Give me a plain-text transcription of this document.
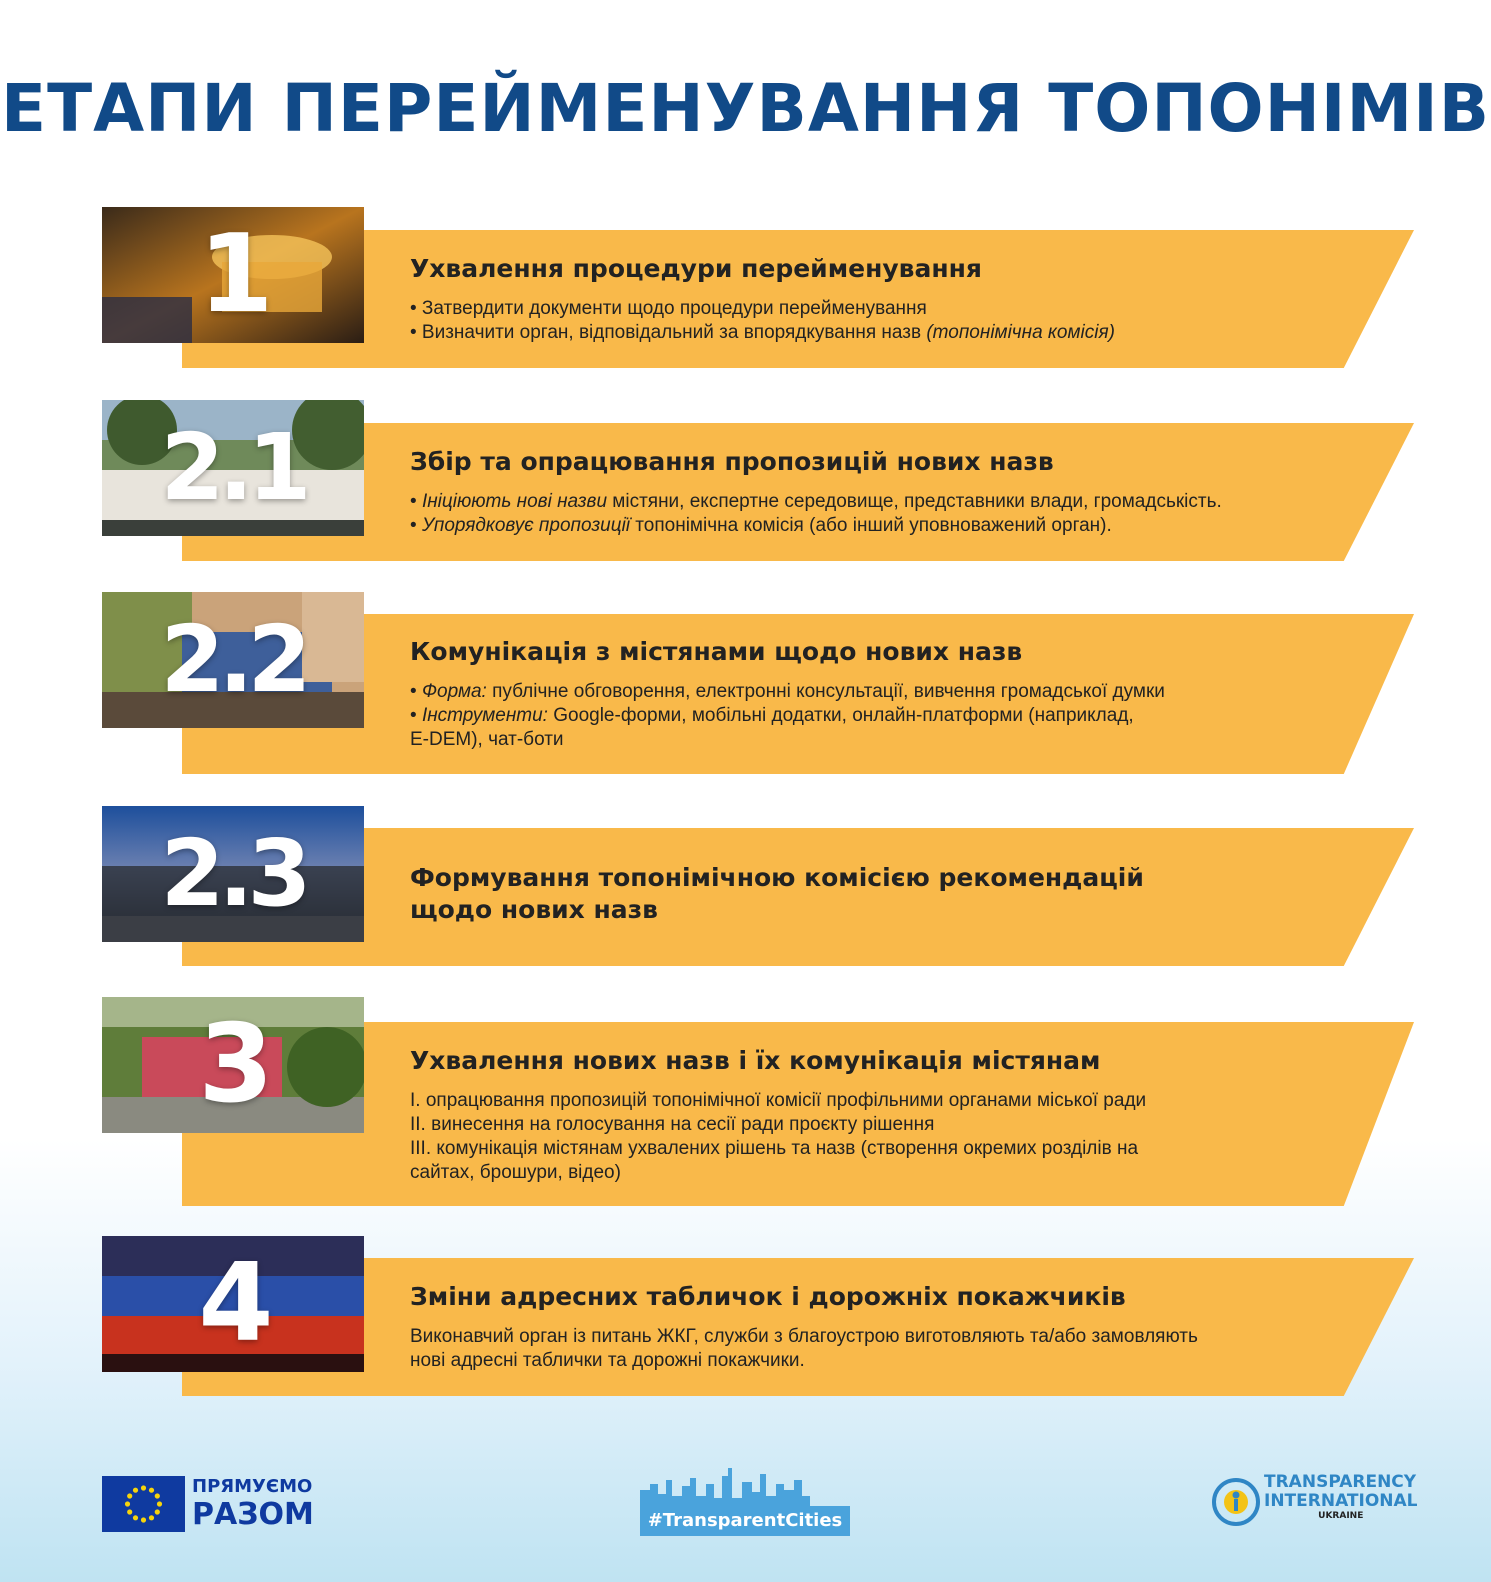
ЕТАПИ ПЕРЕЙМЕНУВАННЯ ТОПОНІМІВ
1	Ухвалення процедури перейменування
• Затвердити документи щодо процедури перейменування
• Визначити орган, відповідальний за впорядкування назв (топонімічна комісія)
2.1	Збір та опрацювання пропозицій нових назв
• Ініціюють нові назви містяни, експертне середовище, представники влади, громадськість.
• Упорядковує пропозиції топонімічна комісія (або інший уповноважений орган).
2.2	Комунікація з містянами щодо нових назв
• Форма: публічне обговорення, електронні консультації, вивчення громадської думки
• Інструменти: Google-форми, мобільні додатки, онлайн-платформи (наприклад,
E-DEM), чат-боти
2.3	Формування топонімічною комісією рекомендацій щодо нових назв
3	Ухвалення нових назв і їх комунікація містянам
I. опрацювання пропозицій топонімічної комісії профільними органами міської ради
II. винесення на голосування на сесії ради проєкту рішення
III. комунікація містянам ухвалених рішень та назв (створення окремих розділів на
сайтах, брошури, відео)
4	Зміни адресних табличок і дорожніх покажчиків
Виконавчий орган із питань ЖКГ, служби з благоустрою виготовляють та/або замовляють
нові адресні таблички та дорожні покажчики.
ПРЯМУЄМО
РАЗОМ	#TransparentCities
TRANSPARENCY
INTERNATIONAL
UKRAINE
